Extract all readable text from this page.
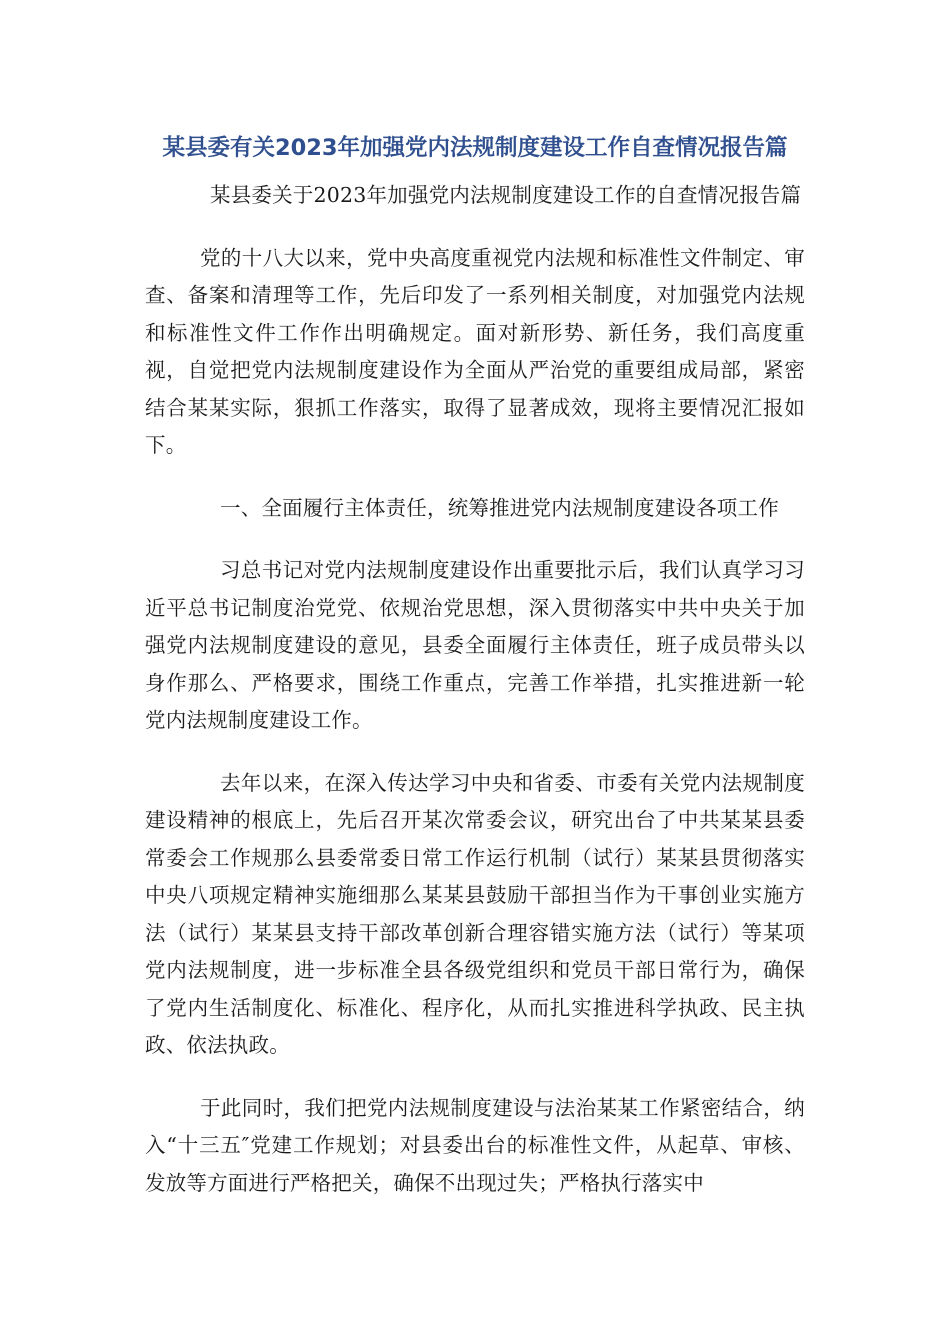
某县委有关2023年加强党内法规制度建设工作自查情况报告篇

某县委关于2023年加强党内法规制度建设工作的自查情况报告篇

党的十八大以来，党中央高度重视党内法规和标准性文件制定、审查、备案和清理等工作，先后印发了一系列相关制度，对加强党内法规和标准性文件工作作出明确规定。面对新形势、新任务，我们高度重视，自觉把党内法规制度建设作为全面从严治党的重要组成局部，紧密结合某某实际，狠抓工作落实，取得了显著成效，现将主要情况汇报如下。

一、全面履行主体责任，统筹推进党内法规制度建设各项工作

习总书记对党内法规制度建设作出重要批示后，我们认真学习习近平总书记制度治党党、依规治党思想，深入贯彻落实中共中央关于加强党内法规制度建设的意见，县委全面履行主体责任，班子成员带头以身作那么、严格要求，围绕工作重点，完善工作举措，扎实推进新一轮党内法规制度建设工作。

去年以来，在深入传达学习中央和省委、市委有关党内法规制度建设精神的根底上，先后召开某次常委会议，研究出台了中共某某县委常委会工作规那么县委常委日常工作运行机制（试行）某某县贯彻落实中央八项规定精神实施细那么某某县鼓励干部担当作为干事创业实施方法（试行）某某县支持干部改革创新合理容错实施方法（试行）等某项党内法规制度，进一步标准全县各级党组织和党员干部日常行为，确保了党内生活制度化、标准化、程序化，从而扎实推进科学执政、民主执政、依法执政。

于此同时，我们把党内法规制度建设与法治某某工作紧密结合，纳入“十三五″党建工作规划；对县委出台的标准性文件，从起草、审核、发放等方面进行严格把关，确保不出现过失；严格执行落实中
